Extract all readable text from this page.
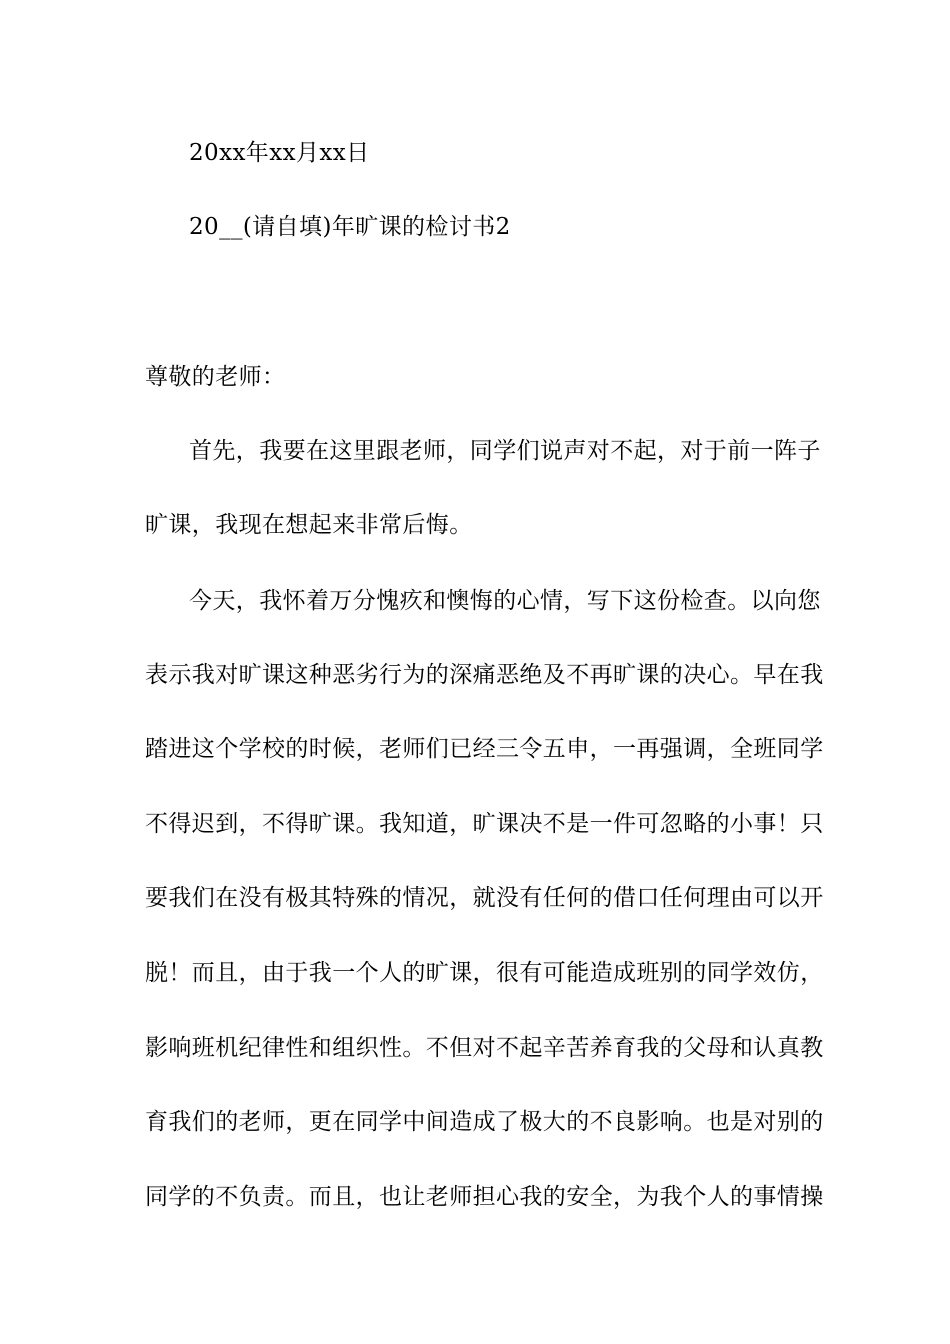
20xx年xx月xx日
20__(请自填)年旷课的检讨书2
尊敬的老师：
首先，我要在这里跟老师，同学们说声对不起，对于前一阵子
旷课，我现在想起来非常后悔。
今天，我怀着万分愧疚和懊悔的心情，写下这份检查。以向您
表示我对旷课这种恶劣行为的深痛恶绝及不再旷课的决心。早在我
踏进这个学校的时候，老师们已经三令五申，一再强调，全班同学
不得迟到，不得旷课。我知道，旷课决不是一件可忽略的小事！只
要我们在没有极其特殊的情况，就没有任何的借口任何理由可以开
脱！而且，由于我一个人的旷课，很有可能造成班别的同学效仿，
影响班机纪律性和组织性。不但对不起辛苦养育我的父母和认真教
育我们的老师，更在同学中间造成了极大的不良影响。也是对别的
同学的不负责。而且，也让老师担心我的安全，为我个人的事情操
